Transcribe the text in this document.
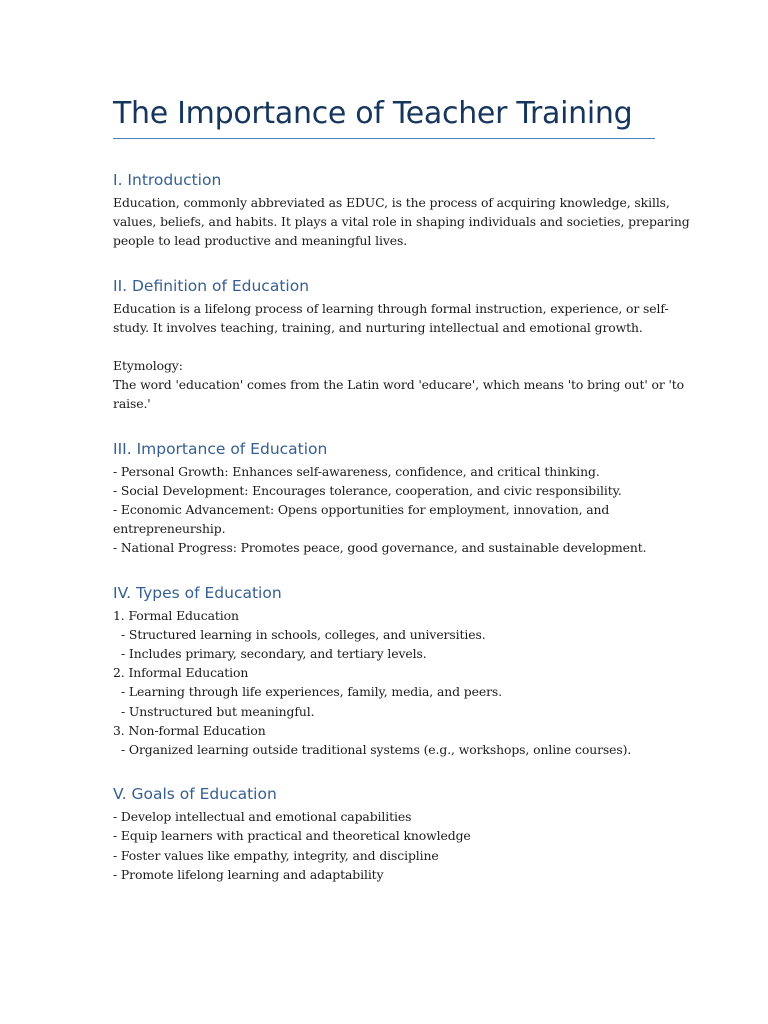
The Importance of Teacher Training
I. Introduction
Education, commonly abbreviated as EDUC, is the process of acquiring knowledge, skills,
values, beliefs, and habits. It plays a vital role in shaping individuals and societies, preparing
people to lead productive and meaningful lives.
II. Definition of Education
Education is a lifelong process of learning through formal instruction, experience, or self-
study. It involves teaching, training, and nurturing intellectual and emotional growth.
Etymology:
The word 'education' comes from the Latin word 'educare', which means 'to bring out' or 'to
raise.'
III. Importance of Education
- Personal Growth: Enhances self-awareness, confidence, and critical thinking.
- Social Development: Encourages tolerance, cooperation, and civic responsibility.
- Economic Advancement: Opens opportunities for employment, innovation, and
entrepreneurship.
- National Progress: Promotes peace, good governance, and sustainable development.
IV. Types of Education
1. Formal Education
- Structured learning in schools, colleges, and universities.
- Includes primary, secondary, and tertiary levels.
2. Informal Education
- Learning through life experiences, family, media, and peers.
- Unstructured but meaningful.
3. Non-formal Education
- Organized learning outside traditional systems (e.g., workshops, online courses).
V. Goals of Education
- Develop intellectual and emotional capabilities
- Equip learners with practical and theoretical knowledge
- Foster values like empathy, integrity, and discipline
- Promote lifelong learning and adaptability
